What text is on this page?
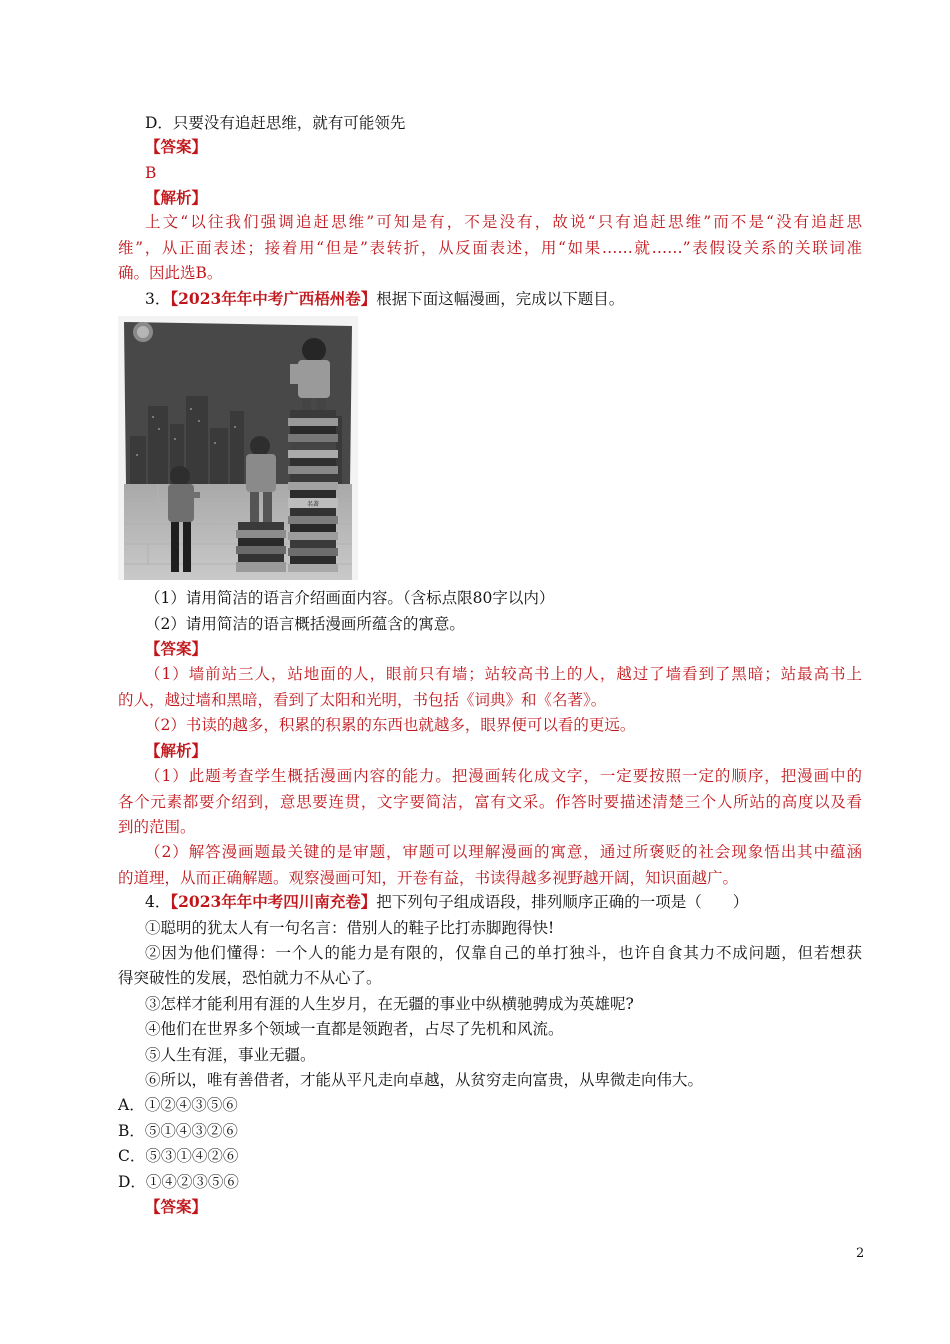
D．只要没有追赶思维，就有可能领先
【答案】
B
【解析】
上文“以往我们强调追赶思维”可知是有，不是没有，故说“只有追赶思维”而不是“没有追赶思
维”，从正面表述；接着用“但是”表转折，从反面表述，用“如果……就……”表假设关系的关联词准
确。因此选B。
3．【2023年年中考广西梧州卷】根据下面这幅漫画，完成以下题目。
名著
（1）请用简洁的语言介绍画面内容。（含标点限80字以内）
（2）请用简洁的语言概括漫画所蕴含的寓意。
【答案】
（1）墙前站三人，站地面的人，眼前只有墙；站较高书上的人，越过了墙看到了黑暗；站最高书上
的人，越过墙和黑暗，看到了太阳和光明，书包括《词典》和《名著》。
（2）书读的越多，积累的积累的东西也就越多，眼界便可以看的更远。
【解析】
（1）此题考查学生概括漫画内容的能力。把漫画转化成文字，一定要按照一定的顺序，把漫画中的
各个元素都要介绍到，意思要连贯，文字要简洁，富有文采。作答时要描述清楚三个人所站的高度以及看
到的范围。
（2）解答漫画题最关键的是审题，审题可以理解漫画的寓意，通过所褒贬的社会现象悟出其中蕴涵
的道理，从而正确解题。观察漫画可知，开卷有益，书读得越多视野越开阔，知识面越广。
4．【2023年年中考四川南充卷】把下列句子组成语段，排列顺序正确的一项是（　　）
①聪明的犹太人有一句名言：借别人的鞋子比打赤脚跑得快!
②因为他们懂得：一个人的能力是有限的，仅靠自己的单打独斗，也许自食其力不成问题，但若想获
得突破性的发展，恐怕就力不从心了。
③怎样才能利用有涯的人生岁月，在无疆的事业中纵横驰骋成为英雄呢?
④他们在世界多个领域一直都是领跑者，占尽了先机和风流。
⑤人生有涯，事业无疆。
⑥所以，唯有善借者，才能从平凡走向卓越，从贫穷走向富贵，从卑微走向伟大。
A．①②④③⑤⑥
B．⑤①④③②⑥
C．⑤③①④②⑥
D．①④②③⑤⑥
【答案】
2
